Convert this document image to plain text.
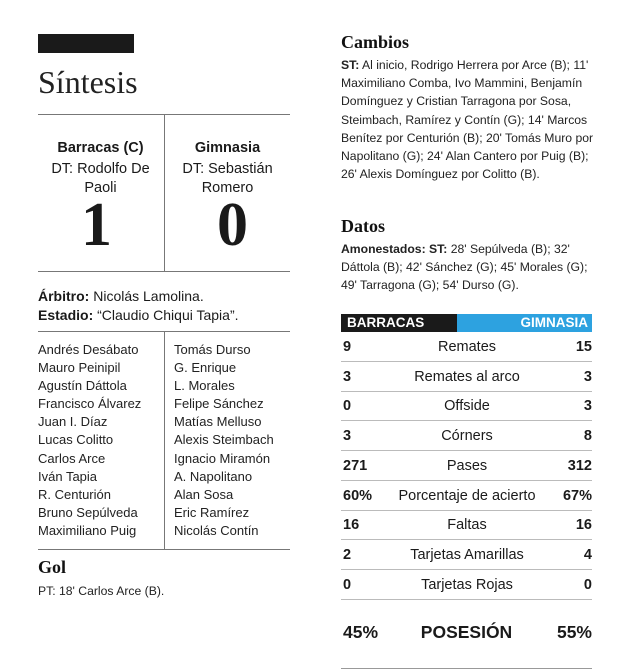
Síntesis
Barracas (C)
DT: Rodolfo De Paoli
Gimnasia
DT: Sebastián Romero
1	0
Árbitro: Nicolás Lamolina.
Estadio: “Claudio Chiqui Tapia”.
Andrés Desábato
Mauro Peinipil
Agustín Dáttola
Francisco Álvarez
Juan I. Díaz
Lucas Colitto
Carlos Arce
Iván Tapia
R. Centurión
Bruno Sepúlveda
Maximiliano Puig
Tomás Durso
G. Enrique
L. Morales
Felipe Sánchez
Matías Melluso
Alexis Steimbach
Ignacio Miramón
A. Napolitano
Alan Sosa
Eric Ramírez
Nicolás Contín
Gol
PT: 18' Carlos Arce (B).
Cambios
ST: Al inicio, Rodrigo Herrera por Arce (B); 11' Maximiliano Comba, Ivo Mammini, Benjamín Domínguez y Cristian Tarragona por Sosa, Steimbach, Ramírez y Contín (G); 14' Marcos Benítez por Centurión (B); 20' Tomás Muro por Napolitano (G); 24' Alan Cantero por Puig (B); 26' Alexis Domínguez por Colitto (B).
Datos
Amonestados: ST: 28' Sepúlveda (B); 32' Dáttola (B); 42' Sánchez (G); 45' Morales (G); 49' Tarragona (G); 54' Durso (G).
BARRACAS	GIMNASIA
9	Remates	15
3	Remates al arco	3
0	Offside	3
3	Córners	8
271	Pases	312
60%	Porcentaje de acierto	67%
16	Faltas	16
2	Tarjetas Amarillas	4
0	Tarjetas Rojas	0
45%	POSESIÓN	55%
